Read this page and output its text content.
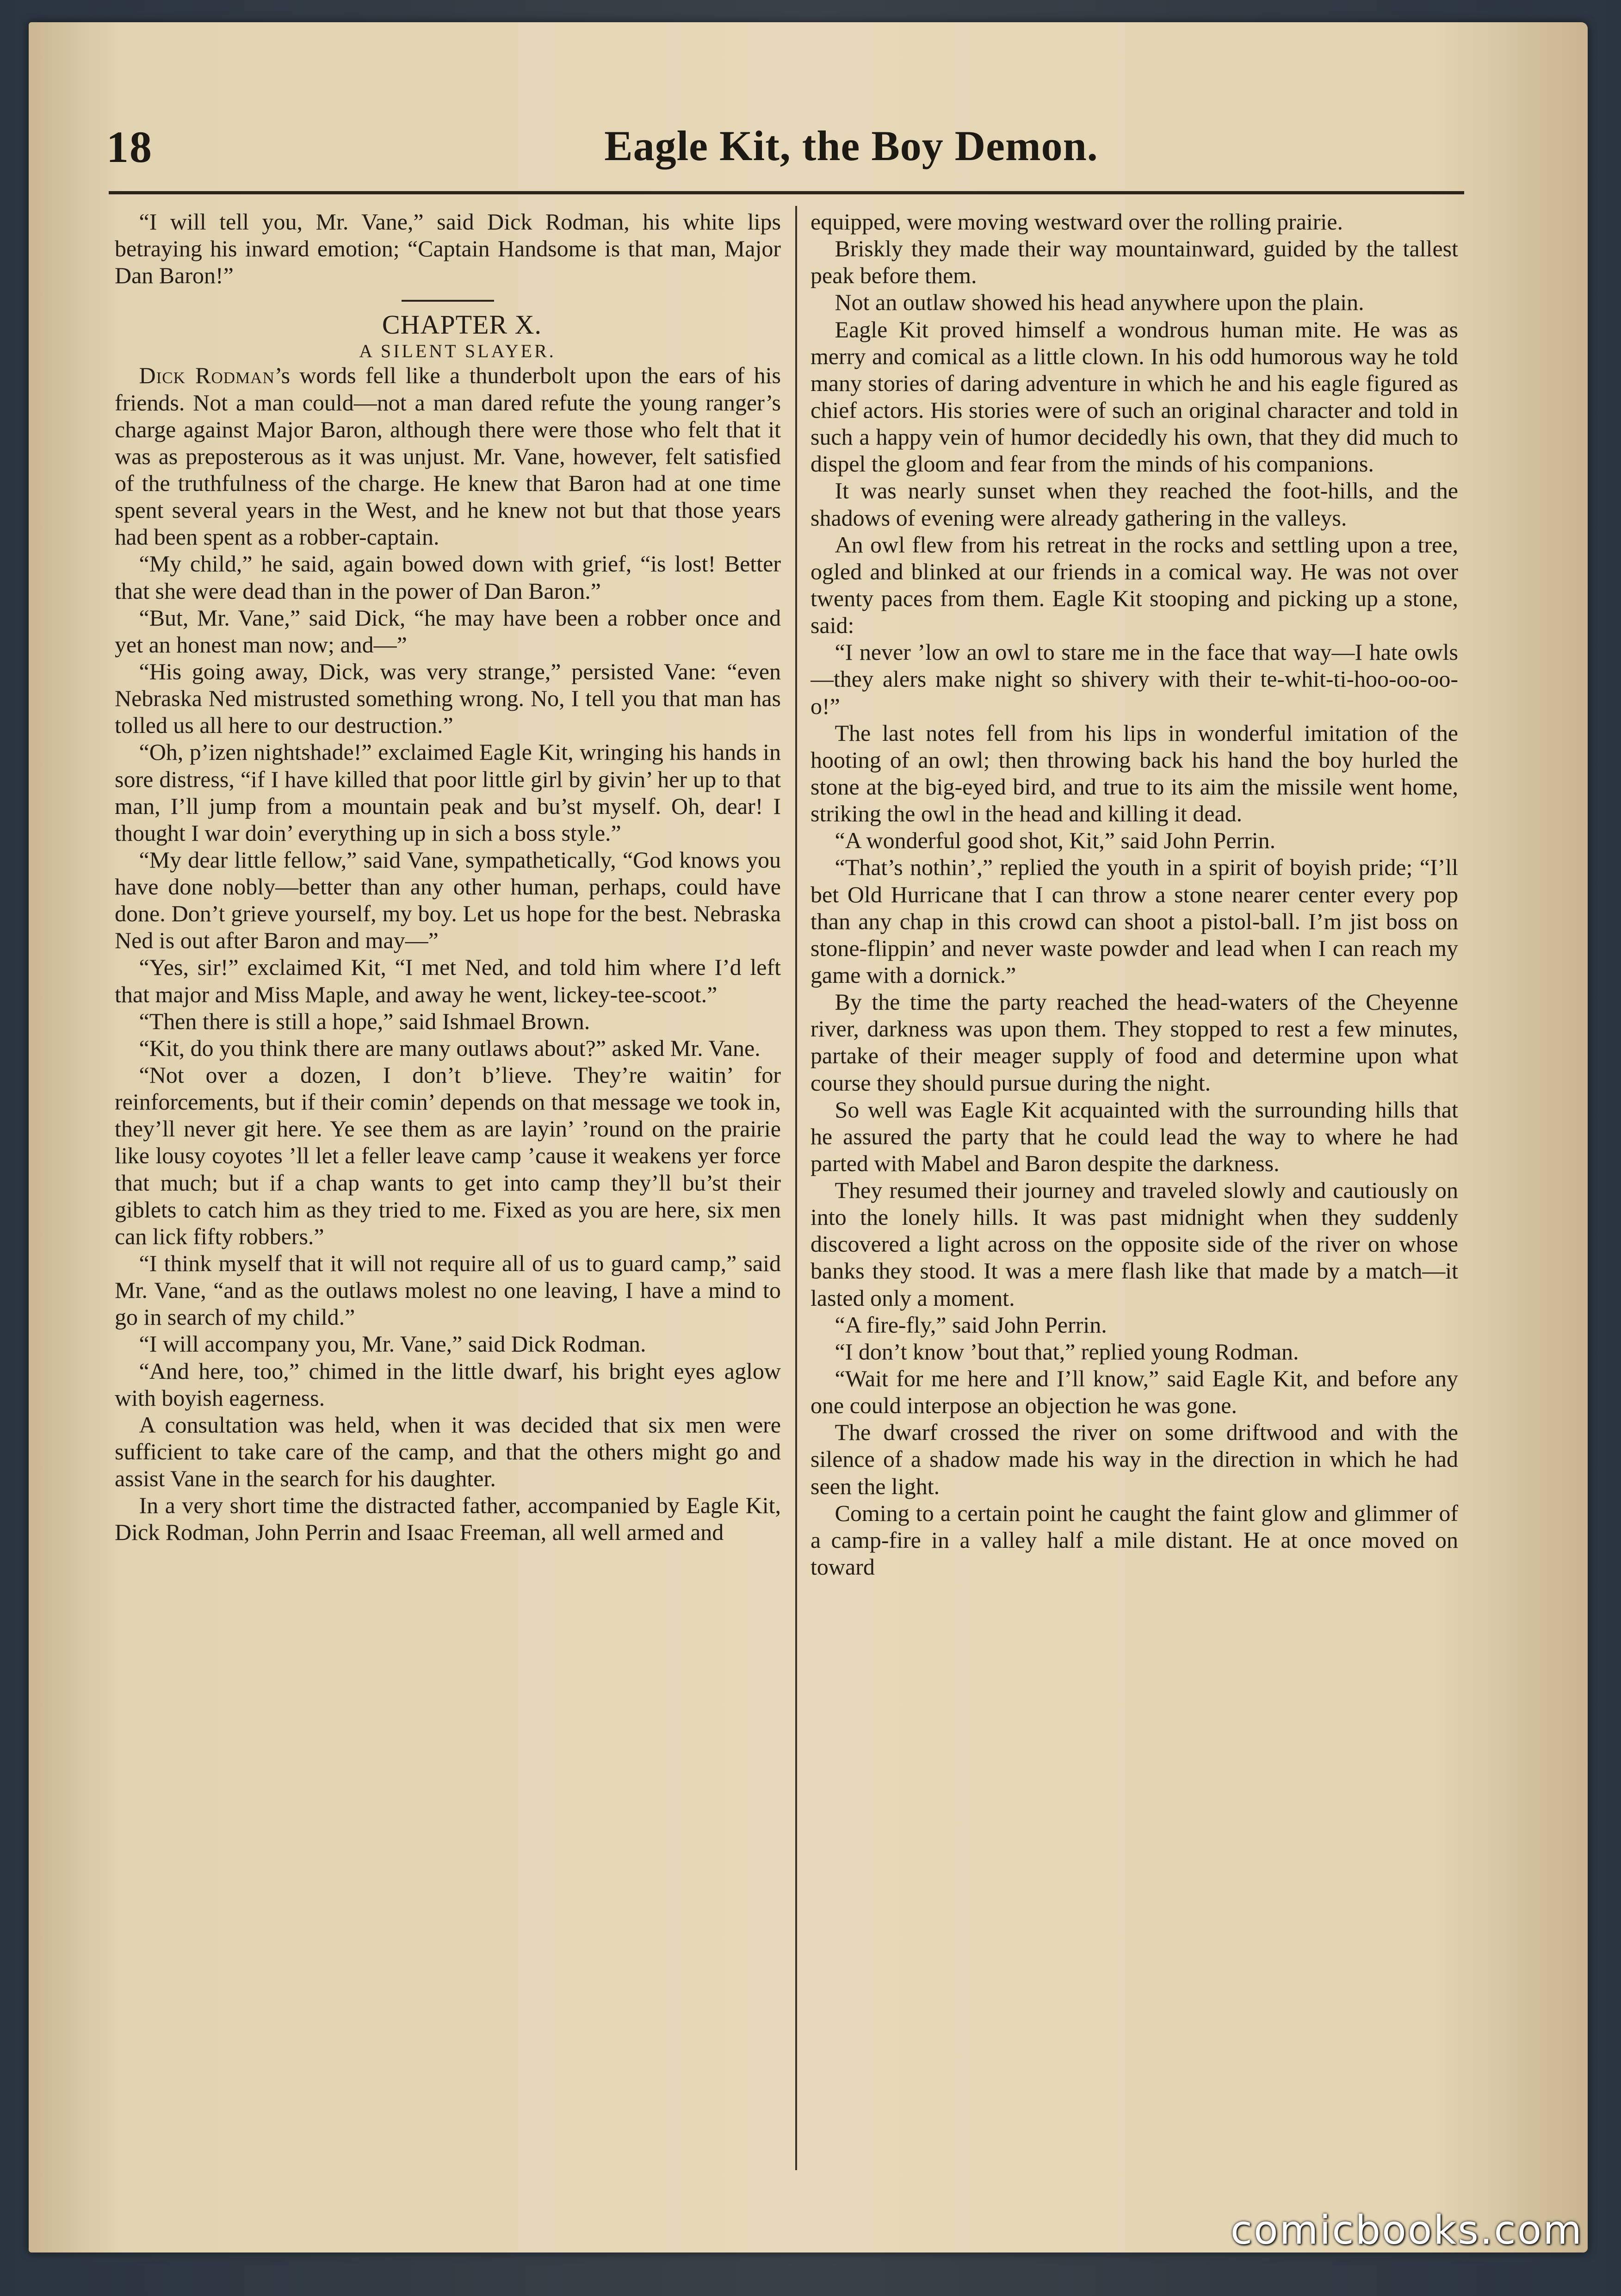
18	Eagle Kit, the Boy Demon.

“I will tell you, Mr. Vane,” said Dick Rodman, his white lips betraying his inward emotion; “Captain Handsome is that man, Major Dan Baron!”

CHAPTER X.

A SILENT SLAYER.

Dick Rodman’s words fell like a thunderbolt upon the ears of his friends. Not a man could—not a man dared refute the young ranger’s charge against Major Baron, although there were those who felt that it was as preposterous as it was unjust. Mr. Vane, however, felt satisfied of the truthfulness of the charge. He knew that Baron had at one time spent several years in the West, and he knew not but that those years had been spent as a robber-captain.

“My child,” he said, again bowed down with grief, “is lost! Better that she were dead than in the power of Dan Baron.”

“But, Mr. Vane,” said Dick, “he may have been a robber once and yet an honest man now; and—”

“His going away, Dick, was very strange,” persisted Vane: “even Nebraska Ned mistrusted something wrong. No, I tell you that man has tolled us all here to our destruction.”

“Oh, p’izen nightshade!” exclaimed Eagle Kit, wringing his hands in sore distress, “if I have killed that poor little girl by givin’ her up to that man, I’ll jump from a mountain peak and bu’st myself. Oh, dear! I thought I war doin’ everything up in sich a boss style.”

“My dear little fellow,” said Vane, sympathetically, “God knows you have done nobly—better than any other human, perhaps, could have done. Don’t grieve yourself, my boy. Let us hope for the best. Nebraska Ned is out after Baron and may—”

“Yes, sir!” exclaimed Kit, “I met Ned, and told him where I’d left that major and Miss Maple, and away he went, lickey-tee-scoot.”

“Then there is still a hope,” said Ishmael Brown.

“Kit, do you think there are many outlaws about?” asked Mr. Vane.

“Not over a dozen, I don’t b’lieve. They’re waitin’ for reinforcements, but if their comin’ depends on that message we took in, they’ll never git here. Ye see them as are layin’ ’round on the prairie like lousy coyotes ’ll let a feller leave camp ’cause it weakens yer force that much; but if a chap wants to get into camp they’ll bu’st their giblets to catch him as they tried to me. Fixed as you are here, six men can lick fifty robbers.”

“I think myself that it will not require all of us to guard camp,” said Mr. Vane, “and as the outlaws molest no one leaving, I have a mind to go in search of my child.”

“I will accompany you, Mr. Vane,” said Dick Rodman.

“And here, too,” chimed in the little dwarf, his bright eyes aglow with boyish eagerness.

A consultation was held, when it was decided that six men were sufficient to take care of the camp, and that the others might go and assist Vane in the search for his daughter.

In a very short time the distracted father, accompanied by Eagle Kit, Dick Rodman, John Perrin and Isaac Freeman, all well armed and

equipped, were moving westward over the rolling prairie.

Briskly they made their way mountainward, guided by the tallest peak before them.

Not an outlaw showed his head anywhere upon the plain.

Eagle Kit proved himself a wondrous human mite. He was as merry and comical as a little clown. In his odd humorous way he told many stories of daring adventure in which he and his eagle figured as chief actors. His stories were of such an original character and told in such a happy vein of humor decidedly his own, that they did much to dispel the gloom and fear from the minds of his companions.

It was nearly sunset when they reached the foot-hills, and the shadows of evening were already gathering in the valleys.

An owl flew from his retreat in the rocks and settling upon a tree, ogled and blinked at our friends in a comical way. He was not over twenty paces from them. Eagle Kit stooping and picking up a stone, said:

“I never ’low an owl to stare me in the face that way—I hate owls—they alers make night so shivery with their te-whit-ti-hoo-oo-oo-o!”

The last notes fell from his lips in wonderful imitation of the hooting of an owl; then throwing back his hand the boy hurled the stone at the big-eyed bird, and true to its aim the missile went home, striking the owl in the head and killing it dead.

“A wonderful good shot, Kit,” said John Perrin.

“That’s nothin’,” replied the youth in a spirit of boyish pride; “I’ll bet Old Hurricane that I can throw a stone nearer center every pop than any chap in this crowd can shoot a pistol-ball. I’m jist boss on stone-flippin’ and never waste powder and lead when I can reach my game with a dornick.”

By the time the party reached the head-waters of the Cheyenne river, darkness was upon them. They stopped to rest a few minutes, partake of their meager supply of food and determine upon what course they should pursue during the night.

So well was Eagle Kit acquainted with the surrounding hills that he assured the party that he could lead the way to where he had parted with Mabel and Baron despite the darkness.

They resumed their journey and traveled slowly and cautiously on into the lonely hills. It was past midnight when they suddenly discovered a light across on the opposite side of the river on whose banks they stood. It was a mere flash like that made by a match—it lasted only a moment.

“A fire-fly,” said John Perrin.

“I don’t know ’bout that,” replied young Rodman.

“Wait for me here and I’ll know,” said Eagle Kit, and before any one could interpose an objection he was gone.

The dwarf crossed the river on some driftwood and with the silence of a shadow made his way in the direction in which he had seen the light.

Coming to a certain point he caught the faint glow and glimmer of a camp-fire in a valley half a mile distant. He at once moved on toward

comicbooks.com
